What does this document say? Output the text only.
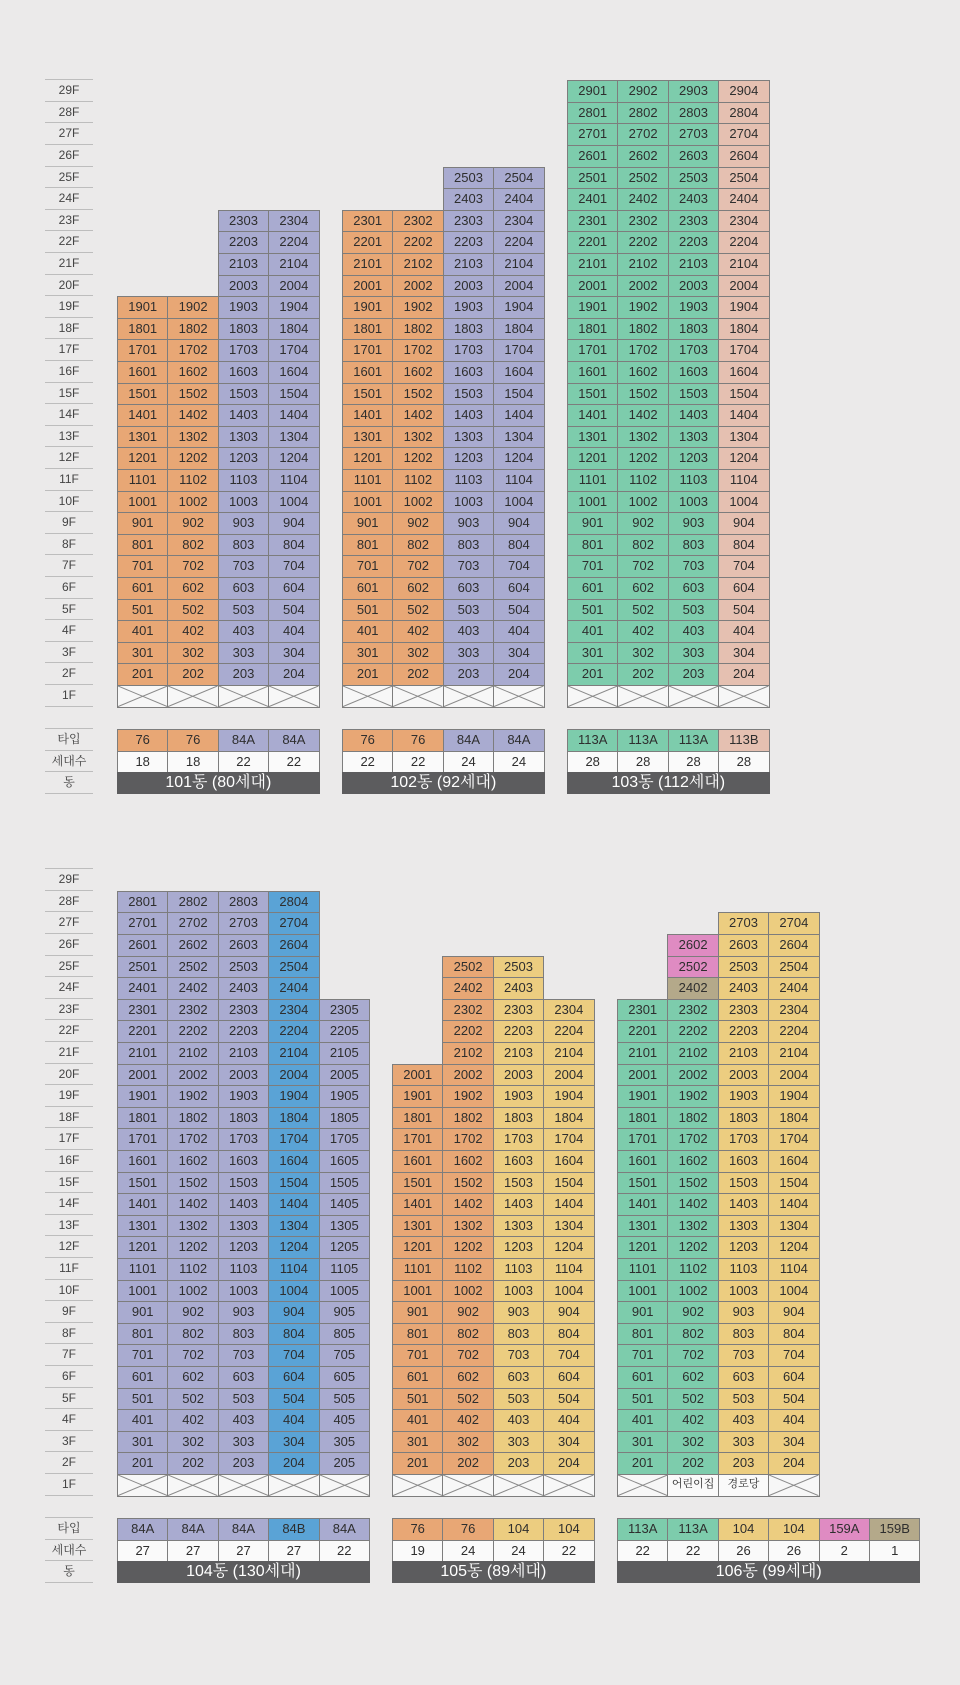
29F
28F
27F
26F
25F
24F
23F
22F
21F
20F
19F
18F
17F
16F
15F
14F
13F
12F
11F
10F
9F
8F
7F
6F
5F
4F
3F
2F
1F
타입
세대수
동
201
301
401
501
601
701
801
901
1001
1101
1201
1301
1401
1501
1601
1701
1801
1901
202
302
402
502
602
702
802
902
1002
1102
1202
1302
1402
1502
1602
1702
1802
1902
203
303
403
503
603
703
803
903
1003
1103
1203
1303
1403
1503
1603
1703
1803
1903
2003
2103
2203
2303
204
304
404
504
604
704
804
904
1004
1104
1204
1304
1404
1504
1604
1704
1804
1904
2004
2104
2204
2304
76
18
76
18
84A
22
84A
22
101동 (80세대)
201
301
401
501
601
701
801
901
1001
1101
1201
1301
1401
1501
1601
1701
1801
1901
2001
2101
2201
2301
202
302
402
502
602
702
802
902
1002
1102
1202
1302
1402
1502
1602
1702
1802
1902
2002
2102
2202
2302
203
303
403
503
603
703
803
903
1003
1103
1203
1303
1403
1503
1603
1703
1803
1903
2003
2103
2203
2303
2403
2503
204
304
404
504
604
704
804
904
1004
1104
1204
1304
1404
1504
1604
1704
1804
1904
2004
2104
2204
2304
2404
2504
76
22
76
22
84A
24
84A
24
102동 (92세대)
201
301
401
501
601
701
801
901
1001
1101
1201
1301
1401
1501
1601
1701
1801
1901
2001
2101
2201
2301
2401
2501
2601
2701
2801
2901
202
302
402
502
602
702
802
902
1002
1102
1202
1302
1402
1502
1602
1702
1802
1902
2002
2102
2202
2302
2402
2502
2602
2702
2802
2902
203
303
403
503
603
703
803
903
1003
1103
1203
1303
1403
1503
1603
1703
1803
1903
2003
2103
2203
2303
2403
2503
2603
2703
2803
2903
204
304
404
504
604
704
804
904
1004
1104
1204
1304
1404
1504
1604
1704
1804
1904
2004
2104
2204
2304
2404
2504
2604
2704
2804
2904
113A
28
113A
28
113A
28
113B
28
103동 (112세대)
29F
28F
27F
26F
25F
24F
23F
22F
21F
20F
19F
18F
17F
16F
15F
14F
13F
12F
11F
10F
9F
8F
7F
6F
5F
4F
3F
2F
1F
타입
세대수
동
201
301
401
501
601
701
801
901
1001
1101
1201
1301
1401
1501
1601
1701
1801
1901
2001
2101
2201
2301
2401
2501
2601
2701
2801
202
302
402
502
602
702
802
902
1002
1102
1202
1302
1402
1502
1602
1702
1802
1902
2002
2102
2202
2302
2402
2502
2602
2702
2802
203
303
403
503
603
703
803
903
1003
1103
1203
1303
1403
1503
1603
1703
1803
1903
2003
2103
2203
2303
2403
2503
2603
2703
2803
204
304
404
504
604
704
804
904
1004
1104
1204
1304
1404
1504
1604
1704
1804
1904
2004
2104
2204
2304
2404
2504
2604
2704
2804
205
305
405
505
605
705
805
905
1005
1105
1205
1305
1405
1505
1605
1705
1805
1905
2005
2105
2205
2305
84A
27
84A
27
84A
27
84B
27
84A
22
104동 (130세대)
201
301
401
501
601
701
801
901
1001
1101
1201
1301
1401
1501
1601
1701
1801
1901
2001
202
302
402
502
602
702
802
902
1002
1102
1202
1302
1402
1502
1602
1702
1802
1902
2002
2102
2202
2302
2402
2502
203
303
403
503
603
703
803
903
1003
1103
1203
1303
1403
1503
1603
1703
1803
1903
2003
2103
2203
2303
2403
2503
204
304
404
504
604
704
804
904
1004
1104
1204
1304
1404
1504
1604
1704
1804
1904
2004
2104
2204
2304
76
19
76
24
104
24
104
22
105동 (89세대)
201
301
401
501
601
701
801
901
1001
1101
1201
1301
1401
1501
1601
1701
1801
1901
2001
2101
2201
2301
202
302
402
502
602
702
802
902
1002
1102
1202
1302
1402
1502
1602
1702
1802
1902
2002
2102
2202
2302
203
303
403
503
603
703
803
903
1003
1103
1203
1303
1403
1503
1603
1703
1803
1903
2003
2103
2203
2303
2403
2503
2603
2703
204
304
404
504
604
704
804
904
1004
1104
1204
1304
1404
1504
1604
1704
1804
1904
2004
2104
2204
2304
2404
2504
2604
2704
2602
2502
2402
어린이집	경로당
113A
22
113A
22
104
26
104
26
159A
2
159B
1
106동 (99세대)
